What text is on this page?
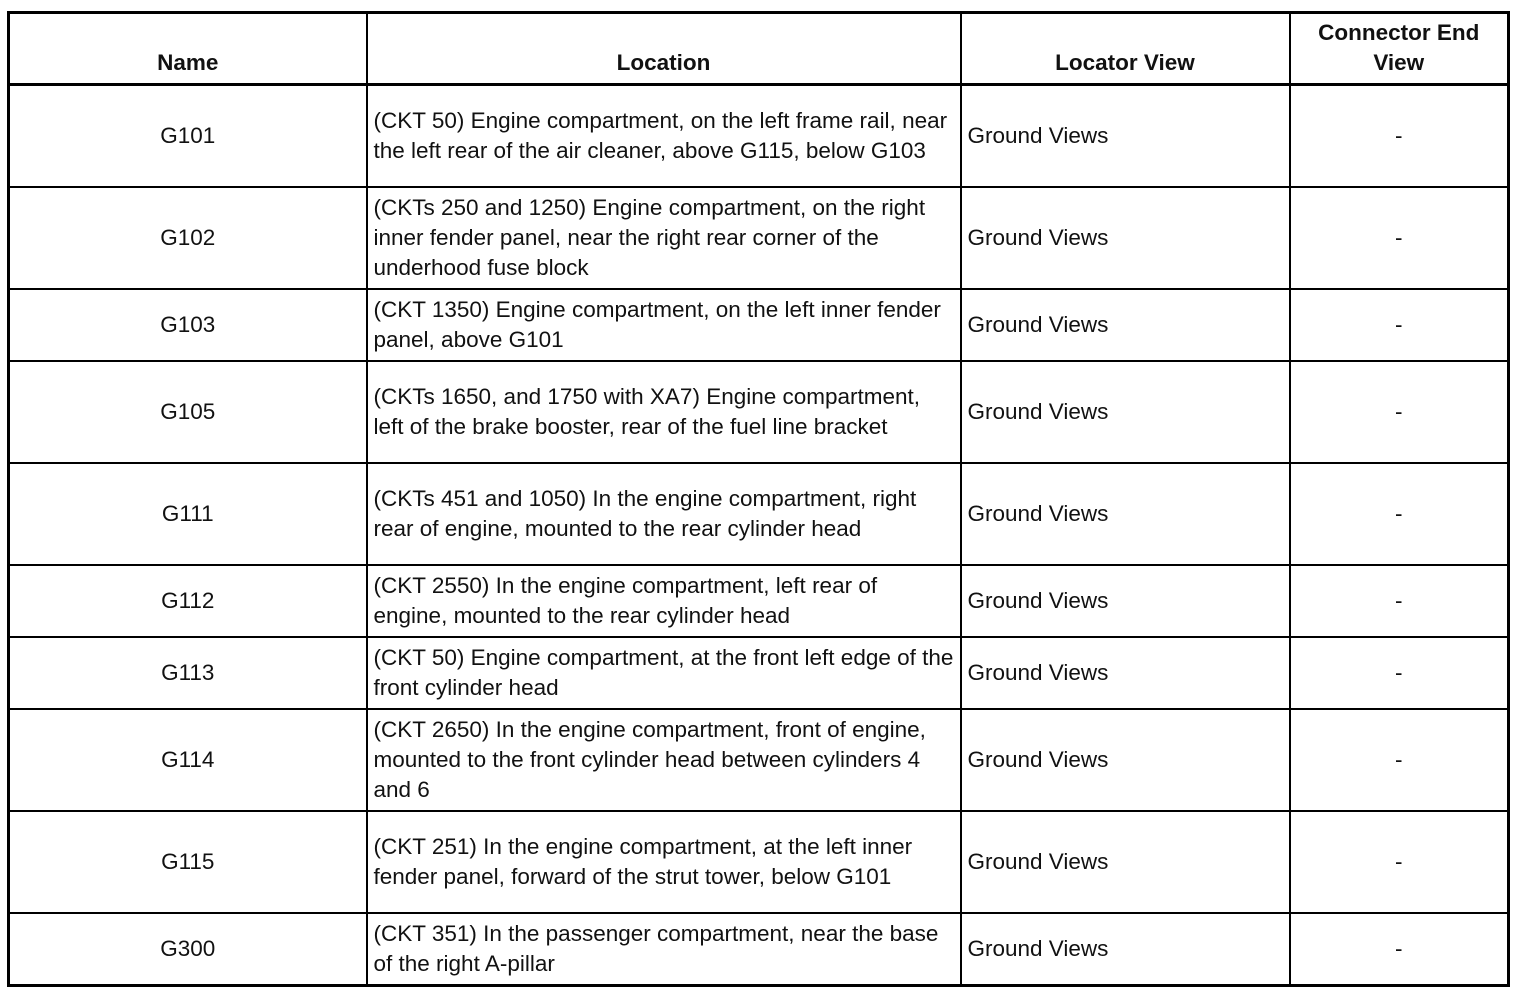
Name	Location	Locator View	Connector End View
G101	(CKT 50) Engine compartment, on the left frame rail, near the left rear of the air cleaner, above G115, below G103	Ground Views	-
G102	(CKTs 250 and 1250) Engine compartment, on the right inner fender panel, near the right rear corner of the underhood fuse block	Ground Views	-
G103	(CKT 1350) Engine compartment, on the left inner fender panel, above G101	Ground Views	-
G105	(CKTs 1650, and 1750 with XA7) Engine compartment, left of the brake booster, rear of the fuel line bracket	Ground Views	-
G111	(CKTs 451 and 1050) In the engine compartment, right rear of engine, mounted to the rear cylinder head	Ground Views	-
G112	(CKT 2550) In the engine compartment, left rear of engine, mounted to the rear cylinder head	Ground Views	-
G113	(CKT 50) Engine compartment, at the front left edge of the front cylinder head	Ground Views	-
G114	(CKT 2650) In the engine compartment, front of engine, mounted to the front cylinder head between cylinders 4 and 6	Ground Views	-
G115	(CKT 251) In the engine compartment, at the left inner fender panel, forward of the strut tower, below G101	Ground Views	-
G300	(CKT 351) In the passenger compartment, near the base of the right A-pillar	Ground Views	-
